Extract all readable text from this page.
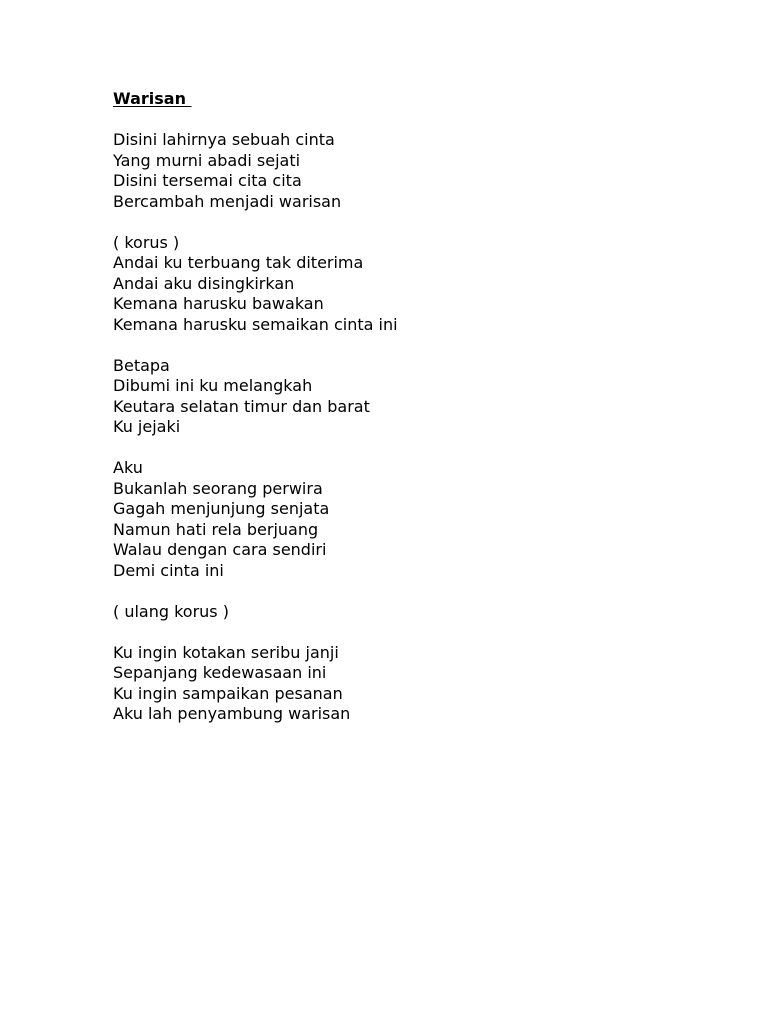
Warisan
Disini lahirnya sebuah cinta
Yang murni abadi sejati
Disini tersemai cita cita
Bercambah menjadi warisan
( korus )
Andai ku terbuang tak diterima
Andai aku disingkirkan
Kemana harusku bawakan
Kemana harusku semaikan cinta ini
Betapa
Dibumi ini ku melangkah
Keutara selatan timur dan barat
Ku jejaki
Aku
Bukanlah seorang perwira
Gagah menjunjung senjata
Namun hati rela berjuang
Walau dengan cara sendiri
Demi cinta ini
( ulang korus )
Ku ingin kotakan seribu janji
Sepanjang kedewasaan ini
Ku ingin sampaikan pesanan
Aku lah penyambung warisan
